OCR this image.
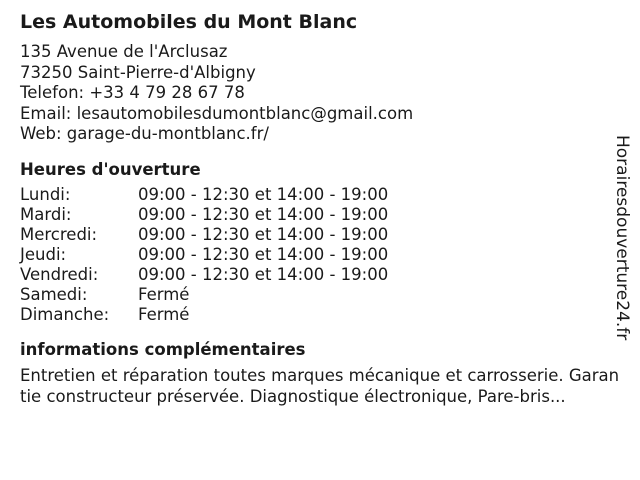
Les Automobiles du Mont Blanc
135 Avenue de l'Arclusaz
73250 Saint-Pierre-d'Albigny
Telefon: +33 4 79 28 67 78
Email: lesautomobilesdumontblanc@gmail.com
Web: garage-du-montblanc.fr/
Heures d'ouverture
Lundi:	09:00 - 12:30 et 14:00 - 19:00
Mardi:	09:00 - 12:30 et 14:00 - 19:00
Mercredi:	09:00 - 12:30 et 14:00 - 19:00
Jeudi:	09:00 - 12:30 et 14:00 - 19:00
Vendredi:	09:00 - 12:30 et 14:00 - 19:00
Samedi:	Fermé
Dimanche:	Fermé
informations complémentaires
Entretien et réparation toutes marques mécanique et carrosserie. Garantie constructeur préservée. Diagnostique électronique, Pare-bris...
Horairesdouverture24.fr
